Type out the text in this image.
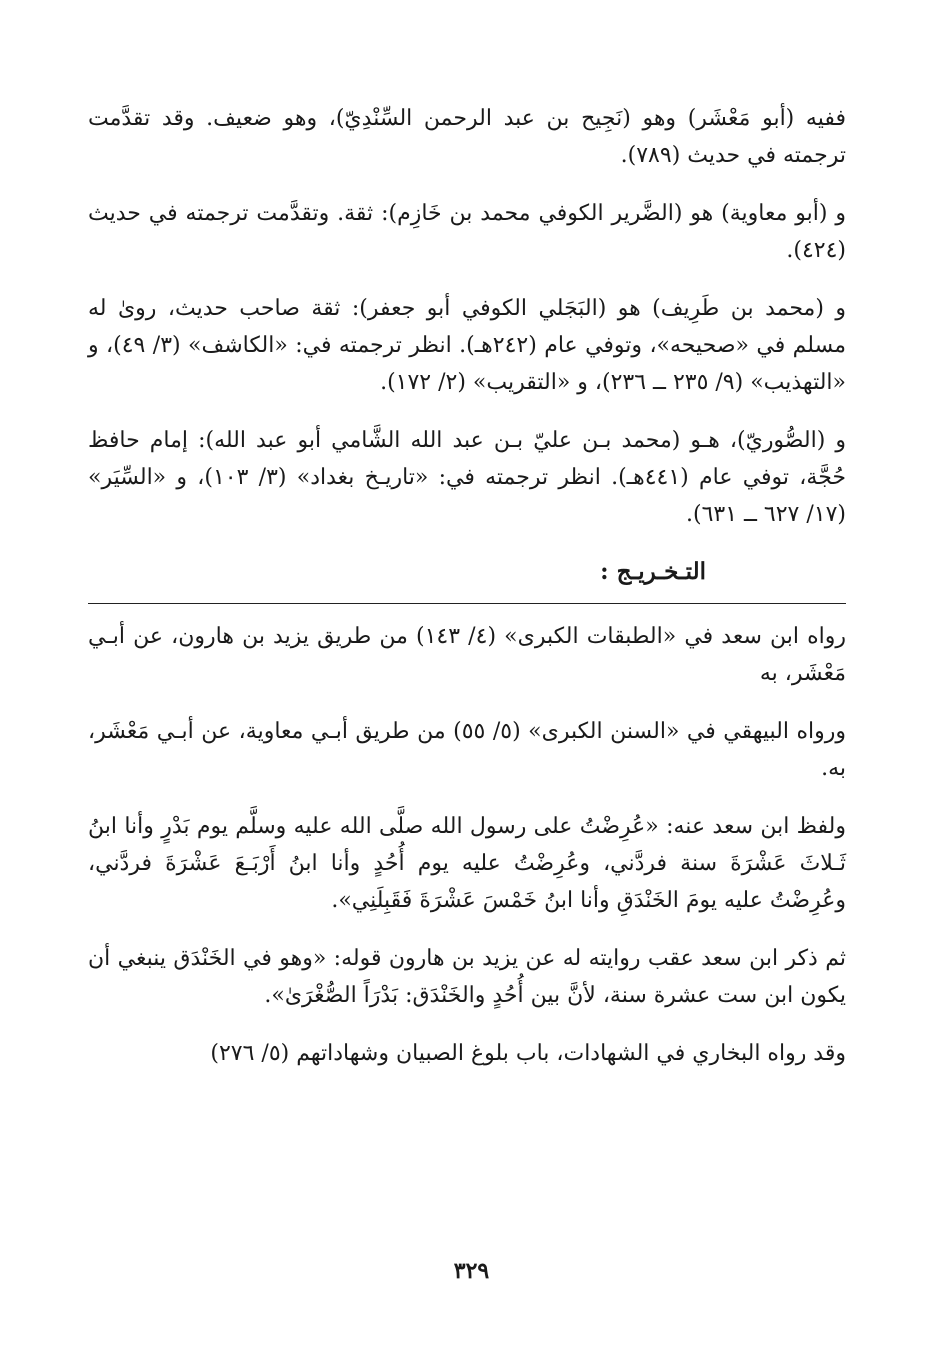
ففيه (أبو مَعْشَر) وهو (نَجِيح بن عبد الرحمن السِّنْدِيّ)، وهو ضعيف. وقد تقدَّمت ترجمته في حديث (٧٨٩).

و (أبو معاوية) هو (الضَّرير الكوفي محمد بن خَازِم): ثقة. وتقدَّمت ترجمته في حديث (٤٢٤).

و (محمد بن طَرِيف) هو (البَجَلي الكوفي أبو جعفر): ثقة صاحب حديث، روىٰ له مسلم في «صحيحه»، وتوفي عام (٢٤٢هـ). انظر ترجمته في: «الكاشف» (٣/ ٤٩)، و «التهذيب» (٩/ ٢٣٥ ــ ٢٣٦)، و «التقريب» (٢/ ١٧٢).

و (الصُّوريّ)، هـو (محمد بـن عليّ بـن عبد الله الشَّامي أبو عبد الله): إمام حافظ حُجَّة، توفي عام (٤٤١هـ). انظر ترجمته في: «تاريـخ بغداد» (٣/ ١٠٣)، و «السِّيَر» (١٧/ ٦٢٧ ــ ٦٣١).

التـخـريـج :

رواه ابن سعد في «الطبقات الكبرى» (٤/ ١٤٣) من طريق يزيد بن هارون، عن أبـي مَعْشَر، به

ورواه البيهقي في «السنن الكبرى» (٥/ ٥٥) من طريق أبـي معاوية، عن أبـي مَعْشَر، به.

ولفظ ابن سعد عنه: «عُرِضْتُ على رسول الله صلَّى الله عليه وسلَّم يوم بَدْرٍ وأنا ابنُ ثَـلاثَ عَشْرَةَ سنة فردَّني، وعُرِضْتُ عليه يوم أُحُدٍ وأنا ابنُ أَرْبَـعَ عَشْرَةَ فردَّني، وعُرِضْتُ عليه يومَ الخَنْدَقِ وأنا ابنُ خَمْسَ عَشْرَةَ فَقَبِلَنِي».

ثم ذكر ابن سعد عقب روايته له عن يزيد بن هارون قوله: «وهو في الخَنْدَق ينبغي أن يكون ابن ست عشرة سنة، لأنَّ بين أُحُدٍ والخَنْدَق: بَدْرَاً الصُّغْرَىٰ».

وقد رواه البخاري في الشهادات، باب بلوغ الصبيان وشهاداتهم (٥/ ٢٧٦)

٣٢٩
